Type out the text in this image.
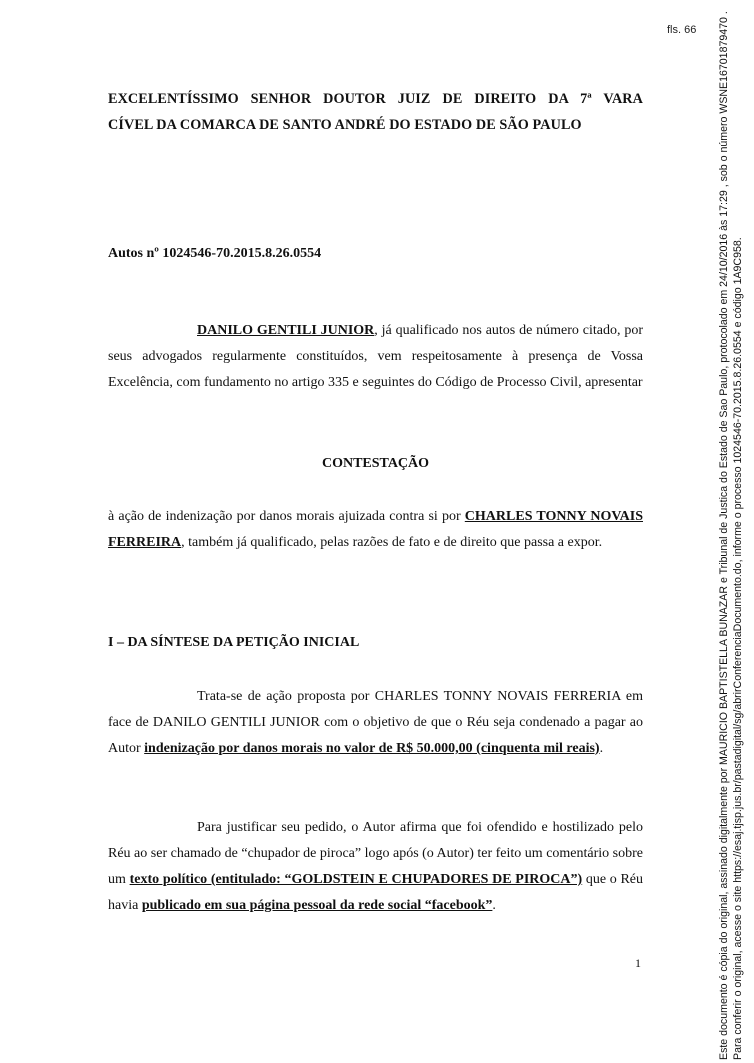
fls. 66
EXCELENTÍSSIMO SENHOR DOUTOR JUIZ DE DIREITO DA 7ª VARA
CÍVEL DA COMARCA DE SANTO ANDRÉ DO ESTADO DE SÃO PAULO
Autos nº 1024546-70.2015.8.26.0554
DANILO GENTILI JUNIOR, já qualificado nos autos de número citado, por seus advogados regularmente constituídos, vem respeitosamente à presença de Vossa Excelência, com fundamento no artigo 335 e seguintes do Código de Processo Civil, apresentar
CONTESTAÇÃO
à ação de indenização por danos morais ajuizada contra si por CHARLES TONNY NOVAIS FERREIRA, também já qualificado, pelas razões de fato e de direito que passa a expor.
I – DA SÍNTESE DA PETIÇÃO INICIAL
Trata-se de ação proposta por CHARLES TONNY NOVAIS FERRERIA em face de DANILO GENTILI JUNIOR com o objetivo de que o Réu seja condenado a pagar ao Autor indenização por danos morais no valor de R$ 50.000,00 (cinquenta mil reais).
Para justificar seu pedido, o Autor afirma que foi ofendido e hostilizado pelo Réu ao ser chamado de “chupador de piroca” logo após (o Autor) ter feito um comentário sobre um texto político (entitulado: “GOLDSTEIN E CHUPADORES DE PIROCA”) que o Réu havia publicado em sua página pessoal da rede social “facebook”.
1	Este documento é cópia do original, assinado digitalmente por MAURICIO BAPTISTELLA BUNAZAR e Tribunal de Justica do Estado de Sao Paulo, protocolado em 24/10/2016 às 17:29 , sob o número WSNE16701879470 . Para conferir o original, acesse o site https://esaj.tjsp.jus.br/pastadigital/sg/abrirConferenciaDocumento.do, informe o processo 1024546-70.2015.8.26.0554 e código 1A9C958.
